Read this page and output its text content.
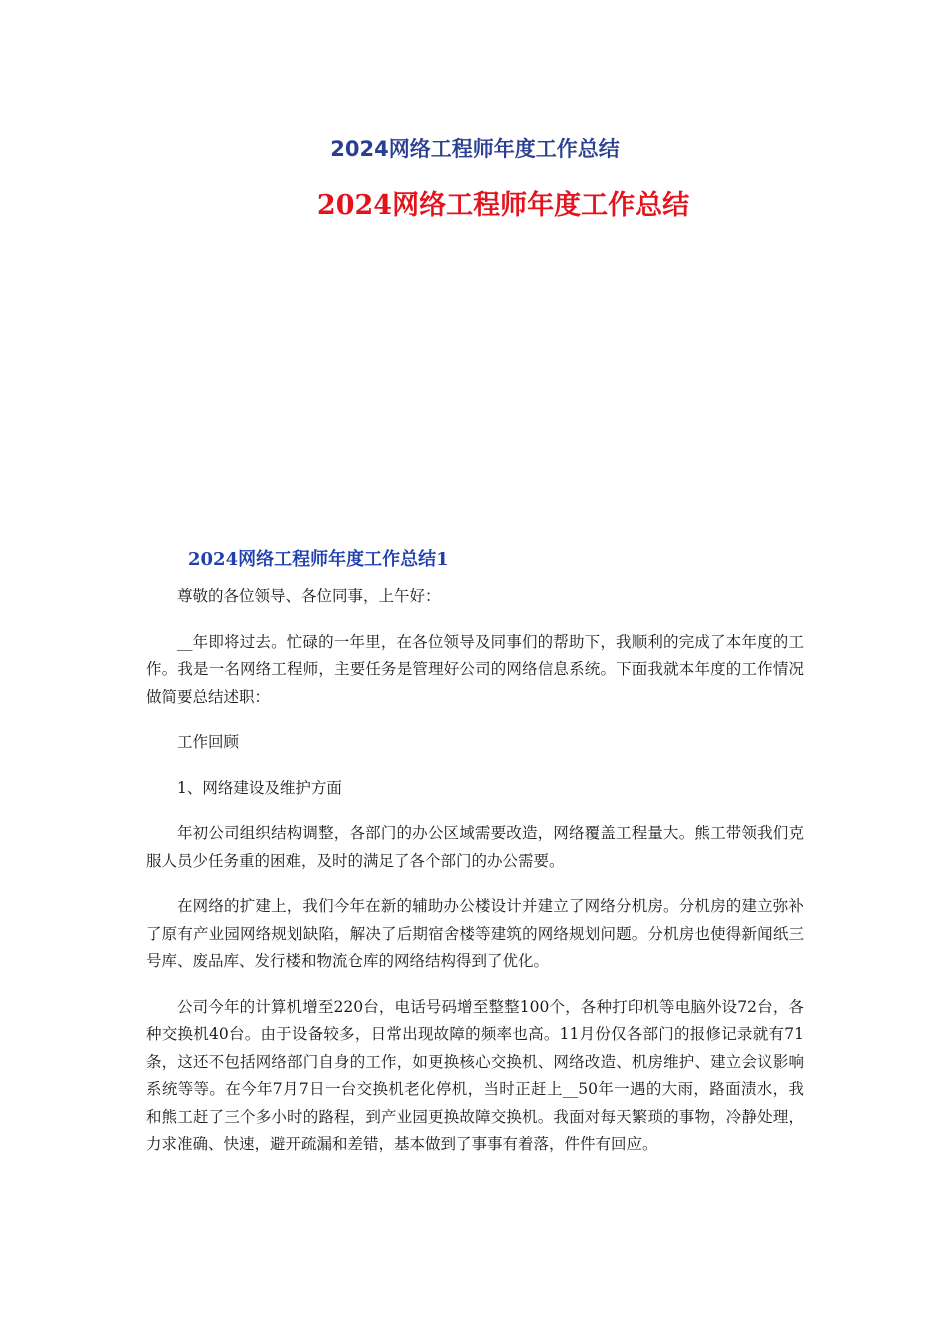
2024网络工程师年度工作总结
2024网络工程师年度工作总结
2024网络工程师年度工作总结1

尊敬的各位领导、各位同事，上午好：

__年即将过去。忙碌的一年里，在各位领导及同事们的帮助下，我顺利的完成了本年度的工作。我是一名网络工程师，主要任务是管理好公司的网络信息系统。下面我就本年度的工作情况做简要总结述职：

工作回顾

1、网络建设及维护方面

年初公司组织结构调整，各部门的办公区域需要改造，网络覆盖工程量大。熊工带领我们克服人员少任务重的困难，及时的满足了各个部门的办公需要。

在网络的扩建上，我们今年在新的辅助办公楼设计并建立了网络分机房。分机房的建立弥补了原有产业园网络规划缺陷，解决了后期宿舍楼等建筑的网络规划问题。分机房也使得新闻纸三号库、废品库、发行楼和物流仓库的网络结构得到了优化。

公司今年的计算机增至220台，电话号码增至整整100个，各种打印机等电脑外设72台，各种交换机40台。由于设备较多，日常出现故障的频率也高。11月份仅各部门的报修记录就有71条，这还不包括网络部门自身的工作，如更换核心交换机、网络改造、机房维护、建立会议影响系统等等。在今年7月7日一台交换机老化停机，当时正赶上__50年一遇的大雨，路面渍水，我和熊工赶了三个多小时的路程，到产业园更换故障交换机。我面对每天繁琐的事物，冷静处理，力求准确、快速，避开疏漏和差错，基本做到了事事有着落，件件有回应。
